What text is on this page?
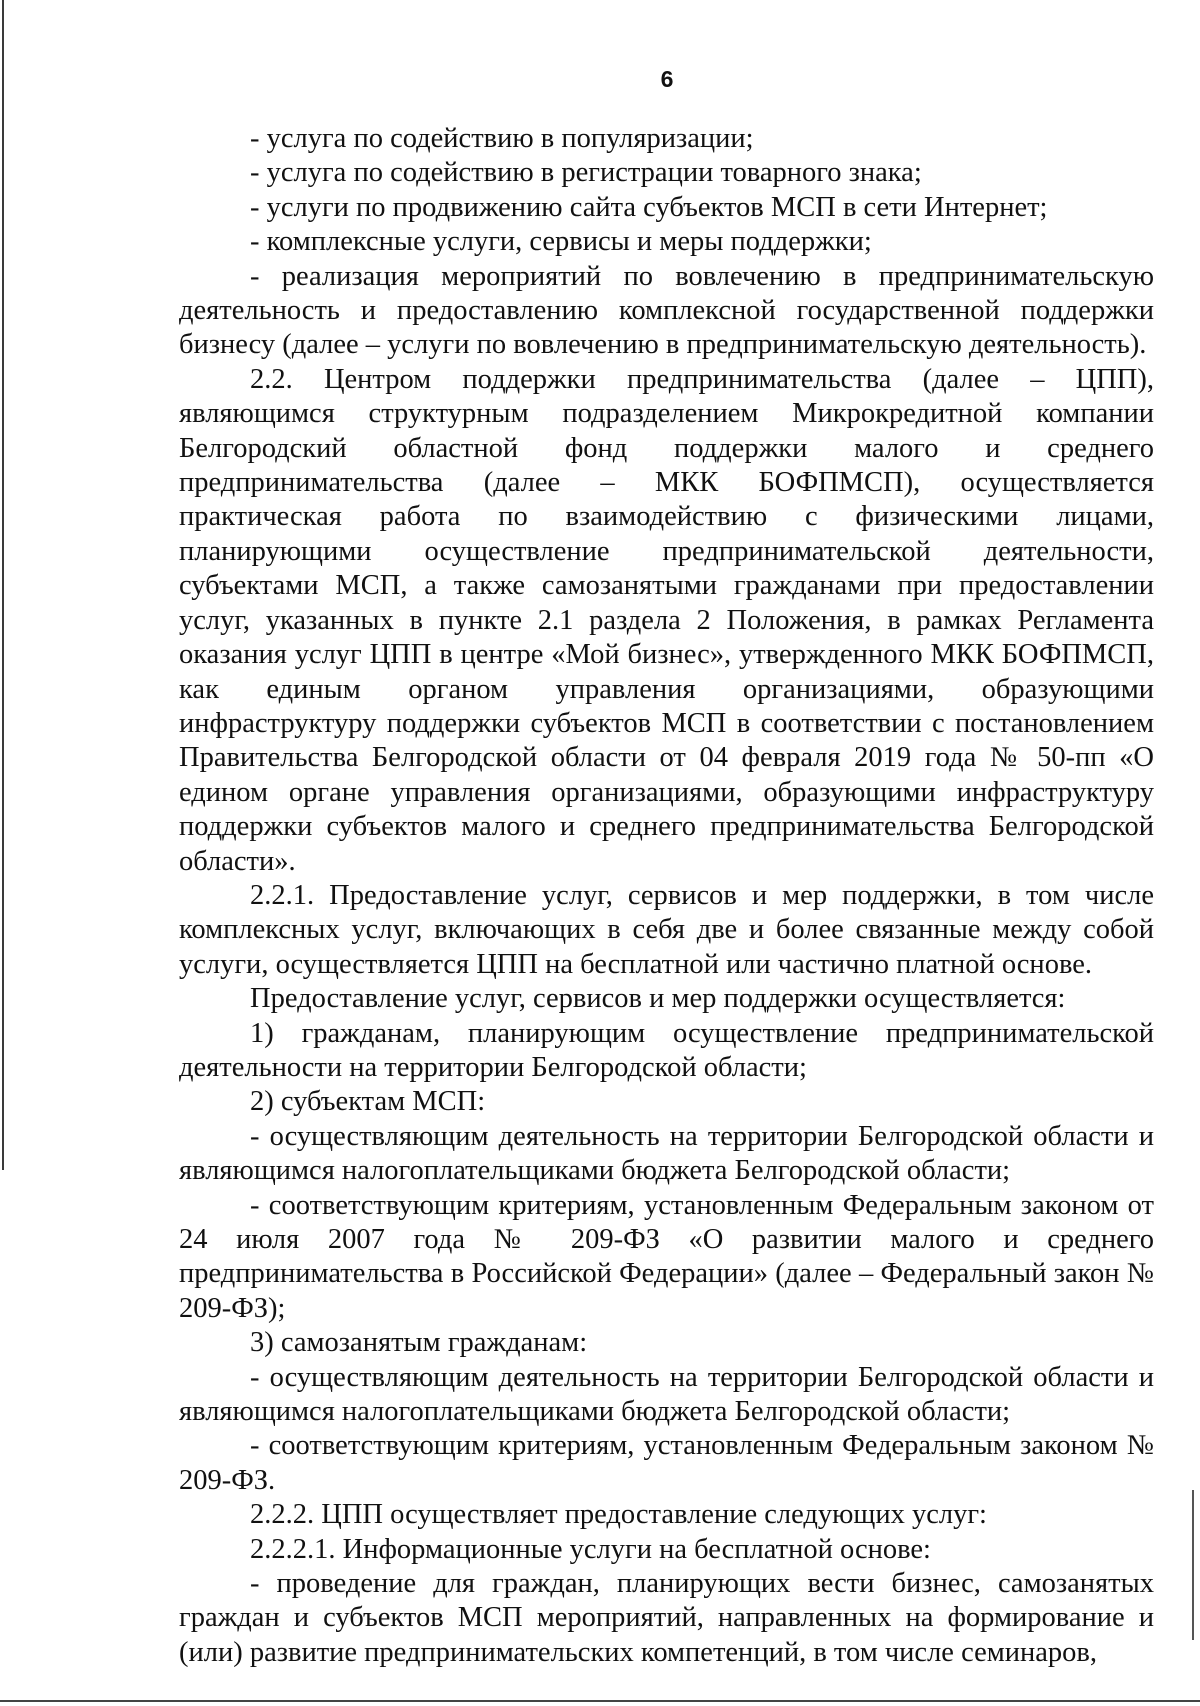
6

- услуга по содействию в популяризации;

- услуга по содействию в регистрации товарного знака;

- услуги по продвижению сайта субъектов МСП в сети Интернет;

- комплексные услуги, сервисы и меры поддержки;

- реализация мероприятий по вовлечению в предпринимательскую деятельность и предоставлению комплексной государственной поддержки бизнесу (далее – услуги по вовлечению в предпринимательскую деятельность).

2.2. Центром поддержки предпринимательства (далее – ЦПП), являющимся структурным подразделением Микрокредитной компании Белгородский областной фонд поддержки малого и среднего предпринимательства (далее – МКК БОФПМСП), осуществляется практическая работа по взаимодействию с физическими лицами, планирующими осуществление предпринимательской деятельности, субъектами МСП, а также самозанятыми гражданами при предоставлении услуг, указанных в пункте 2.1 раздела 2 Положения, в рамках Регламента оказания услуг ЦПП в центре «Мой бизнес», утвержденного МКК БОФПМСП, как единым органом управления организациями, образующими инфраструктуру поддержки субъектов МСП в соответствии с постановлением Правительства Белгородской области от 04 февраля 2019 года № 50-пп «О едином органе управления организациями, образующими инфраструктуру поддержки субъектов малого и среднего предпринимательства Белгородской области».

2.2.1. Предоставление услуг, сервисов и мер поддержки, в том числе комплексных услуг, включающих в себя две и более связанные между собой услуги, осуществляется ЦПП на бесплатной или частично платной основе.

Предоставление услуг, сервисов и мер поддержки осуществляется:

1) гражданам, планирующим осуществление предпринимательской деятельности на территории Белгородской области;

2) субъектам МСП:

- осуществляющим деятельность на территории Белгородской области и являющимся налогоплательщиками бюджета Белгородской области;

- соответствующим критериям, установленным Федеральным законом от 24 июля 2007 года № 209-ФЗ «О развитии малого и среднего предпринимательства в Российской Федерации» (далее – Федеральный закон № 209-ФЗ);

3) самозанятым гражданам:

- осуществляющим деятельность на территории Белгородской области и являющимся налогоплательщиками бюджета Белгородской области;

- соответствующим критериям, установленным Федеральным законом № 209-ФЗ.

2.2.2. ЦПП осуществляет предоставление следующих услуг:

2.2.2.1. Информационные услуги на бесплатной основе:

- проведение для граждан, планирующих вести бизнес, самозанятых граждан и субъектов МСП мероприятий, направленных на формирование и (или) развитие предпринимательских компетенций, в том числе семинаров,
